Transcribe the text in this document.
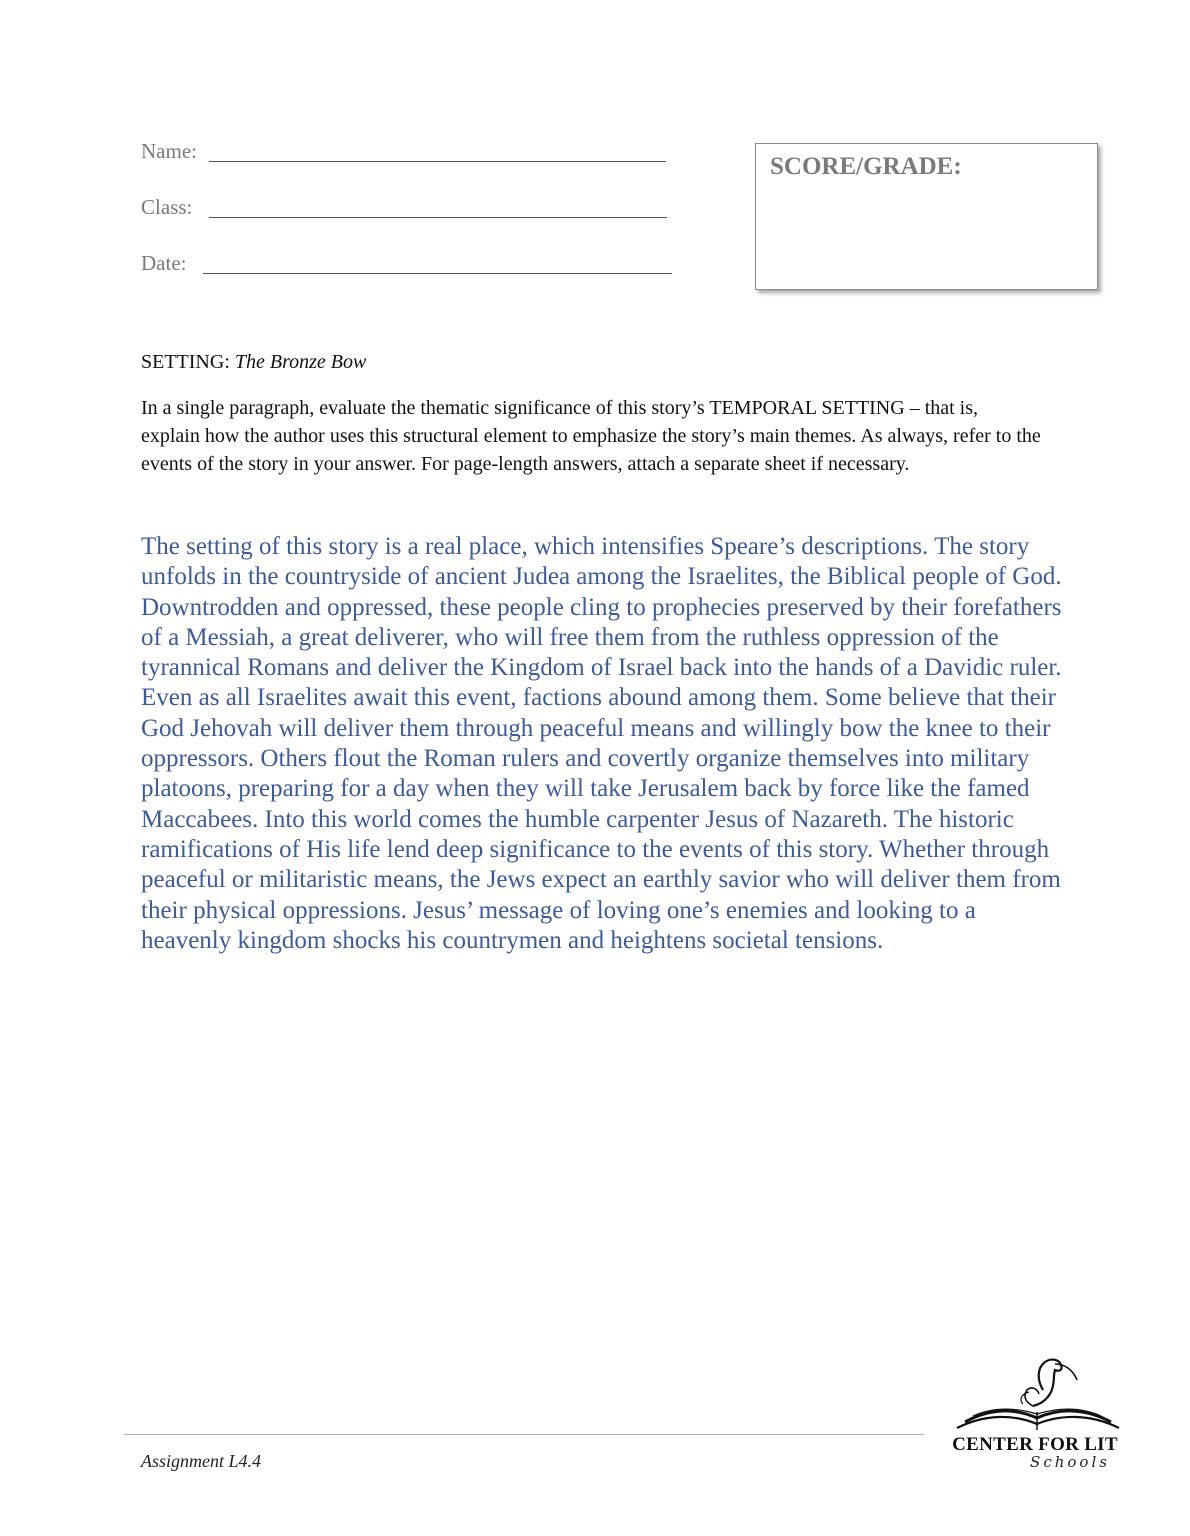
Name:
Class:
Date:
SCORE/GRADE:
SETTING: The Bronze Bow

In a single paragraph, evaluate the thematic significance of this story’s TEMPORAL SETTING – that is, explain how the author uses this structural element to emphasize the story’s main themes. As always, refer to the events of the story in your answer. For page-length answers, attach a separate sheet if necessary.

The setting of this story is a real place, which intensifies Speare’s descriptions. The story unfolds in the countryside of ancient Judea among the Israelites, the Biblical people of God. Downtrodden and oppressed, these people cling to prophecies preserved by their forefathers of a Messiah, a great deliverer, who will free them from the ruthless oppression of the tyrannical Romans and deliver the Kingdom of Israel back into the hands of a Davidic ruler. Even as all Israelites await this event, factions abound among them. Some believe that their God Jehovah will deliver them through peaceful means and willingly bow the knee to their oppressors. Others flout the Roman rulers and covertly organize themselves into military platoons, preparing for a day when they will take Jerusalem back by force like the famed Maccabees. Into this world comes the humble carpenter Jesus of Nazareth. The historic ramifications of His life lend deep significance to the events of this story. Whether through peaceful or militaristic means, the Jews expect an earthly savior who will deliver them from their physical oppressions. Jesus’ message of loving one’s enemies and looking to a heavenly kingdom shocks his countrymen and heightens societal tensions.

Assignment L4.4
CENTER FOR LIT
Schools
